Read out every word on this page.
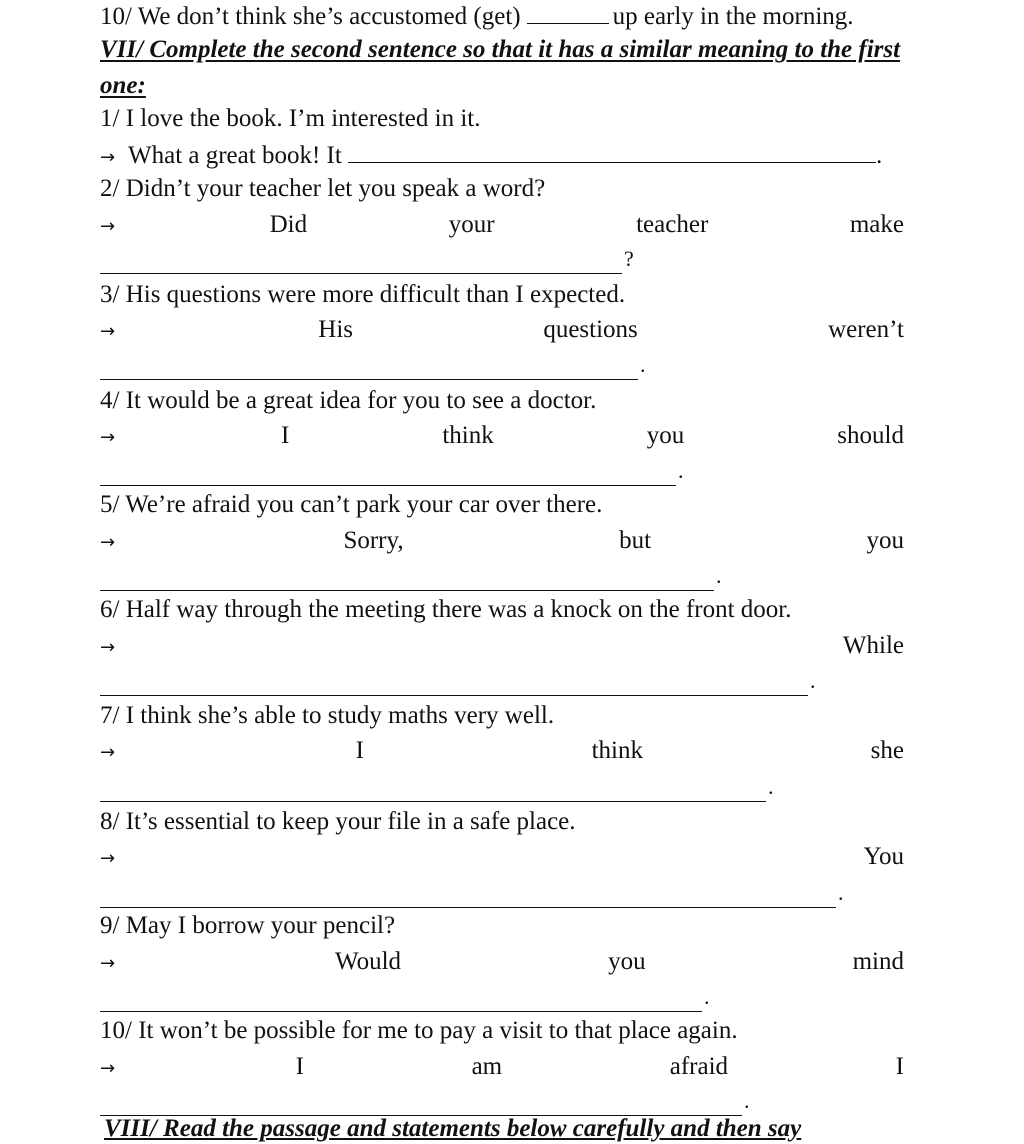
10/ We don’t think she’s accustomed (get)	up early in the morning.
VII/ Complete the second sentence so that it has a similar meaning to the first one:
1/ I love the book. I’m interested in it.
→ What a great book! It	.
2/ Didn’t your teacher let you speak a word?
→	Did	your	teacher	make
?
3/ His questions were more difficult than I expected.
→	His	questions	weren’t
.
4/ It would be a great idea for you to see a doctor.
→	I	think	you	should
.
5/ We’re afraid you can’t park your car over there.
→	Sorry,	but	you
.
6/ Half way through the meeting there was a knock on the front door.
→	While
.
7/ I think she’s able to study maths very well.
→	I	think	she
.
8/ It’s essential to keep your file in a safe place.
→	You
.
9/ May I borrow your pencil?
→	Would	you	mind
.
10/ It won’t be possible for me to pay a visit to that place again.
→	I	am	afraid	I
.
VIII/ Read the passage and statements below carefully and then say
